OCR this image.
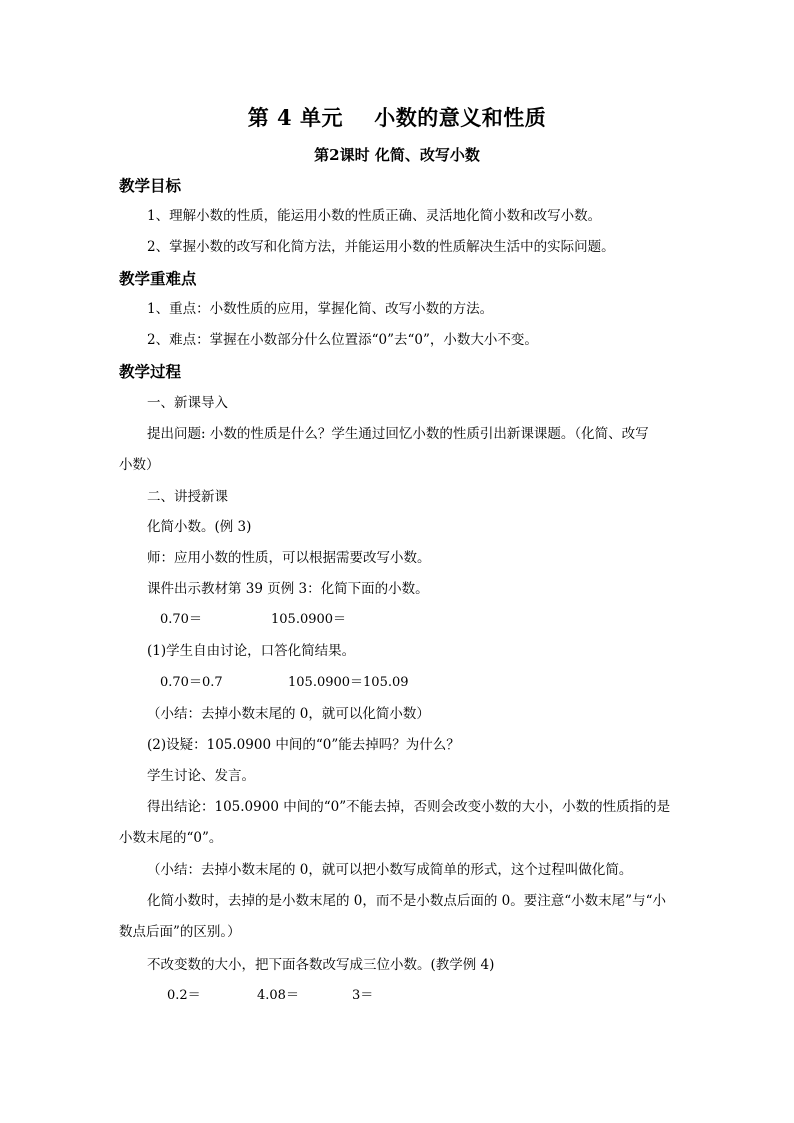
第 4 单元    小数的意义和性质
第2课时 化简、改写小数
教学目标
1、理解小数的性质，能运用小数的性质正确、灵活地化简小数和改写小数。
2、掌握小数的改写和化简方法，并能运用小数的性质解决生活中的实际问题。
教学重难点
1、重点：小数性质的应用，掌握化简、改写小数的方法。
2、难点：掌握在小数部分什么位置添“0”去“0”，小数大小不变。
教学过程
一、新课导入
提出问题: 小数的性质是什么？学生通过回忆小数的性质引出新课课题。（化简、改写
小数）
二、讲授新课
化简小数。(例 3)
师：应用小数的性质，可以根据需要改写小数。
课件出示教材第 39 页例 3：化简下面的小数。
0.70＝	105.0900＝
(1)学生自由讨论，口答化简结果。
0.70＝0.7	105.0900＝105.09
（小结：去掉小数末尾的 0，就可以化简小数）
(2)设疑：105.0900 中间的“0”能去掉吗？为什么？
学生讨论、发言。
得出结论：105.0900 中间的“0”不能去掉，否则会改变小数的大小，小数的性质指的是
小数末尾的“0”。
（小结：去掉小数末尾的 0，就可以把小数写成简单的形式，这个过程叫做化简。
化简小数时，去掉的是小数末尾的 0，而不是小数点后面的 0。要注意“小数末尾”与“小
数点后面”的区别。）
不改变数的大小，把下面各数改写成三位小数。(教学例 4)
0.2＝	4.08＝	3＝
